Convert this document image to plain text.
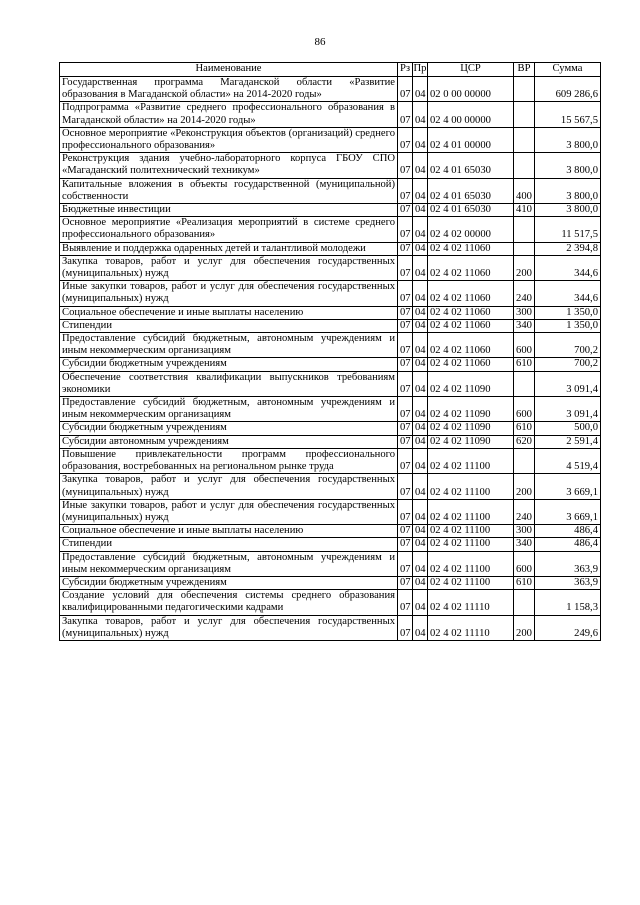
86
Наименование	Рз	Пр	ЦСР	ВР	Сумма
Государственная программа Магаданской области «Развитие образования в Магаданской области» на 2014-2020 годы»	07	04	02 0 00 00000		609 286,6
Подпрограмма «Развитие среднего профессионального образования в Магаданской области» на 2014-2020 годы»	07	04	02 4 00 00000		15 567,5
Основное мероприятие «Реконструкция объектов (организаций) среднего профессионального образования»	07	04	02 4 01 00000		3 800,0
Реконструкция здания учебно-лабораторного корпуса ГБОУ СПО «Магаданский политехнический техникум»	07	04	02 4 01 65030		3 800,0
Капитальные вложения в объекты государственной (муниципальной) собственности	07	04	02 4 01 65030	400	3 800,0
Бюджетные инвестиции	07	04	02 4 01 65030	410	3 800,0
Основное мероприятие «Реализация мероприятий в системе среднего профессионального образования»	07	04	02 4 02 00000		11 517,5
Выявление и поддержка одаренных детей и талантливой молодежи	07	04	02 4 02 11060		2 394,8
Закупка товаров, работ и услуг для обеспечения государственных (муниципальных) нужд	07	04	02 4 02 11060	200	344,6
Иные закупки товаров, работ и услуг для обеспечения государственных (муниципальных) нужд	07	04	02 4 02 11060	240	344,6
Социальное обеспечение и иные выплаты населению	07	04	02 4 02 11060	300	1 350,0
Стипендии	07	04	02 4 02 11060	340	1 350,0
Предоставление субсидий бюджетным, автономным учреждениям и иным некоммерческим организациям	07	04	02 4 02 11060	600	700,2
Субсидии бюджетным учреждениям	07	04	02 4 02 11060	610	700,2
Обеспечение соответствия квалификации выпускников требованиям экономики	07	04	02 4 02 11090		3 091,4
Предоставление субсидий бюджетным, автономным учреждениям и иным некоммерческим организациям	07	04	02 4 02 11090	600	3 091,4
Субсидии бюджетным учреждениям	07	04	02 4 02 11090	610	500,0
Субсидии автономным учреждениям	07	04	02 4 02 11090	620	2 591,4
Повышение привлекательности программ профессионального образования, востребованных на региональном рынке труда	07	04	02 4 02 11100		4 519,4
Закупка товаров, работ и услуг для обеспечения государственных (муниципальных) нужд	07	04	02 4 02 11100	200	3 669,1
Иные закупки товаров, работ и услуг для обеспечения государственных (муниципальных) нужд	07	04	02 4 02 11100	240	3 669,1
Социальное обеспечение и иные выплаты населению	07	04	02 4 02 11100	300	486,4
Стипендии	07	04	02 4 02 11100	340	486,4
Предоставление субсидий бюджетным, автономным учреждениям и иным некоммерческим организациям	07	04	02 4 02 11100	600	363,9
Субсидии бюджетным учреждениям	07	04	02 4 02 11100	610	363,9
Создание условий для обеспечения системы среднего образования квалифицированными педагогическими кадрами	07	04	02 4 02 11110		1 158,3
Закупка товаров, работ и услуг для обеспечения государственных (муниципальных) нужд	07	04	02 4 02 11110	200	249,6
